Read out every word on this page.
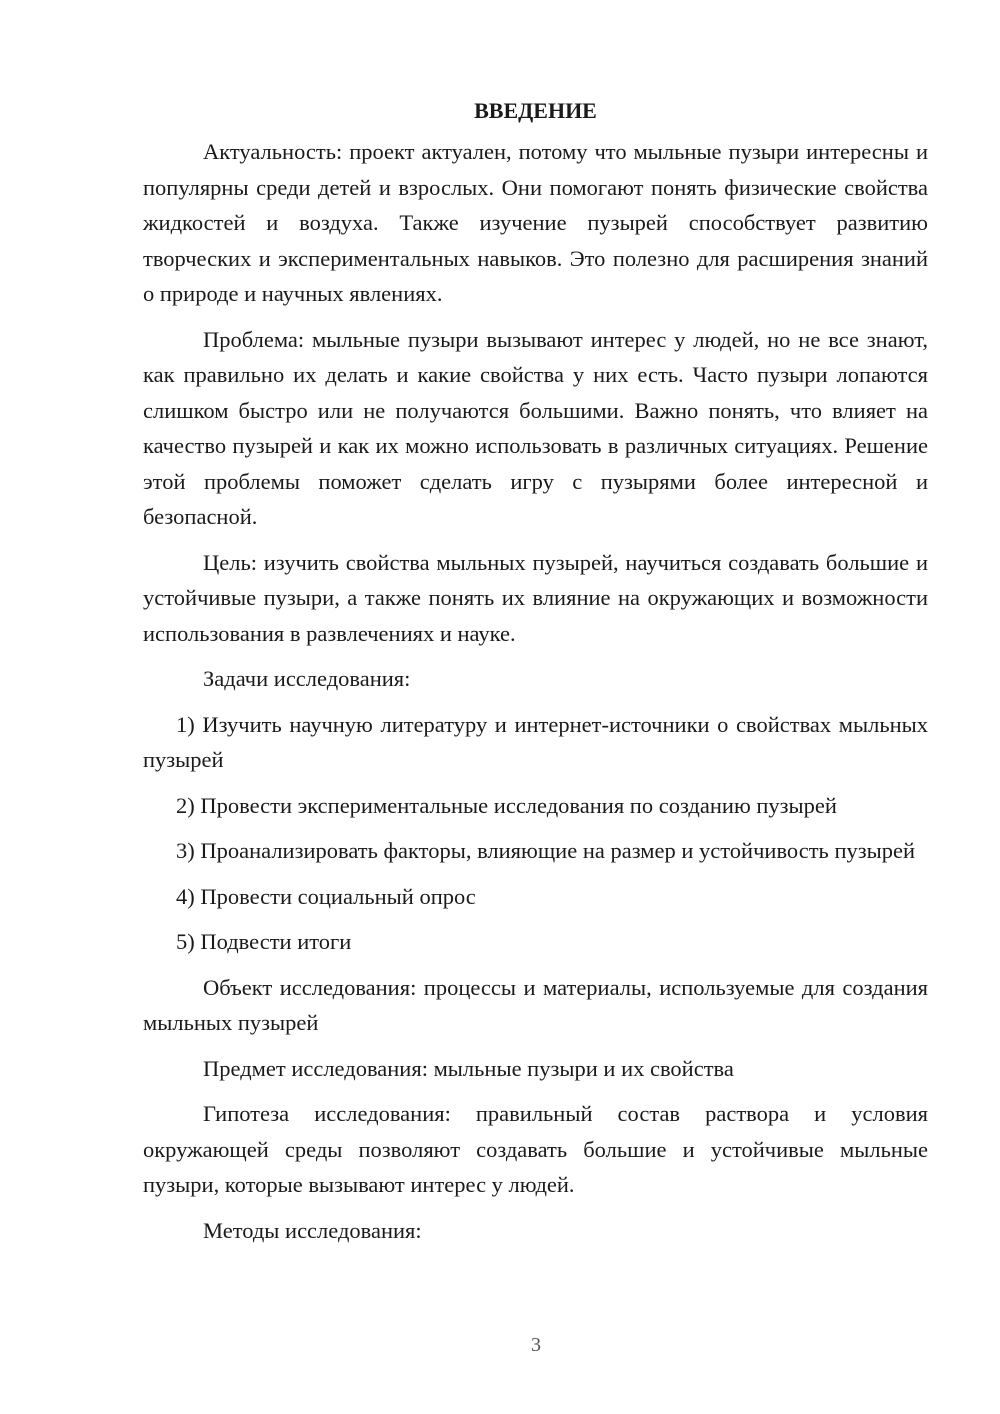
ВВЕДЕНИЕ

Актуальность: проект актуален, потому что мыльные пузыри интересны и популярны среди детей и взрослых. Они помогают понять физические свойства жидкостей и воздуха. Также изучение пузырей способствует развитию творческих и экспериментальных навыков. Это полезно для расширения знаний о природе и научных явлениях.

Проблема: мыльные пузыри вызывают интерес у людей, но не все знают, как правильно их делать и какие свойства у них есть. Часто пузыри лопаются слишком быстро или не получаются большими. Важно понять, что влияет на качество пузырей и как их можно использовать в различных ситуациях. Решение этой проблемы поможет сделать игру с пузырями более интересной и безопасной.

Цель: изучить свойства мыльных пузырей, научиться создавать большие и устойчивые пузыри, а также понять их влияние на окружающих и возможности использования в развлечениях и науке.

Задачи исследования:

1) Изучить научную литературу и интернет-источники о свойствах мыльных пузырей

2) Провести экспериментальные исследования по созданию пузырей

3) Проанализировать факторы, влияющие на размер и устойчивость пузырей

4) Провести социальный опрос

5) Подвести итоги

Объект исследования: процессы и материалы, используемые для создания мыльных пузырей

Предмет исследования: мыльные пузыри и их свойства

Гипотеза исследования: правильный состав раствора и условия окружающей среды позволяют создавать большие и устойчивые мыльные пузыри, которые вызывают интерес у людей.

Методы исследования:

3
